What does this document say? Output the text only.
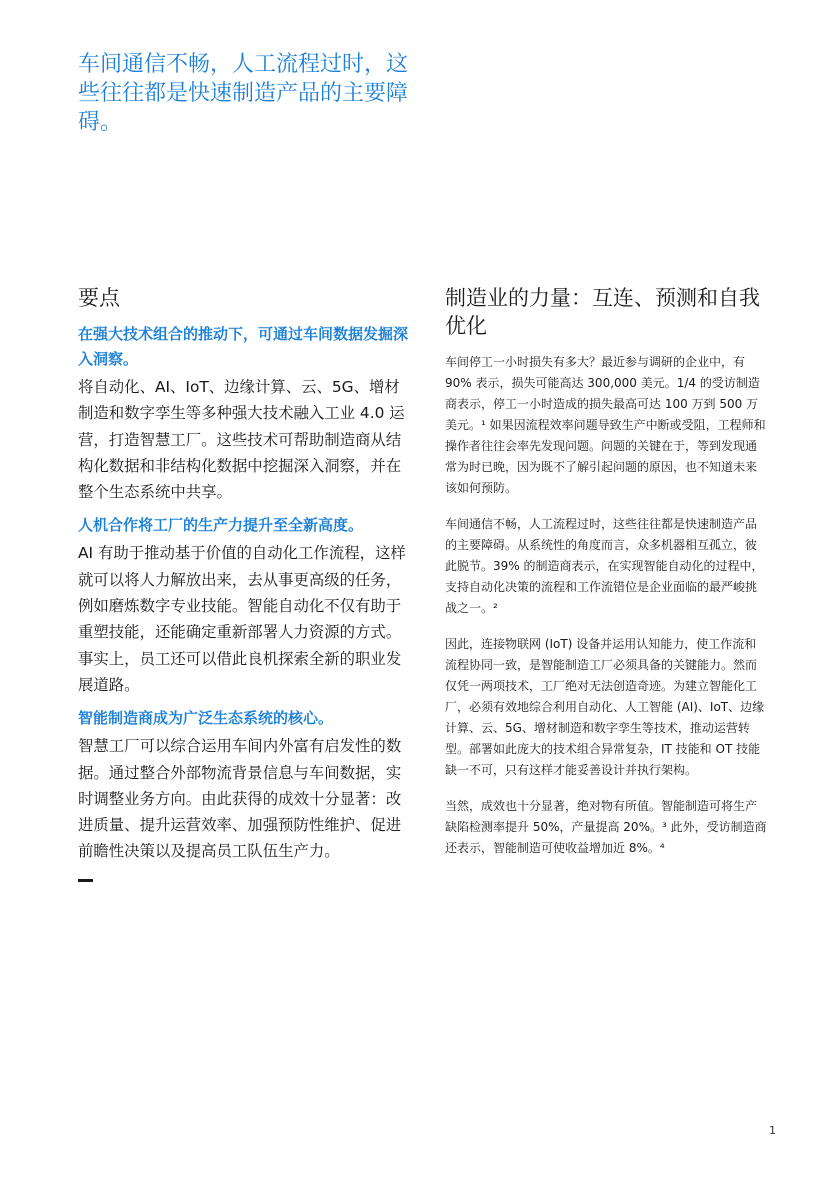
车间通信不畅，人工流程过时，这些往往都是快速制造产品的主要障碍。
要点

在强大技术组合的推动下，可通过车间数据发掘深入洞察。

将自动化、AI、IoT、边缘计算、云、5G、增材制造和数字孪生等多种强大技术融入工业 4.0 运营，打造智慧工厂。这些技术可帮助制造商从结构化数据和非结构化数据中挖掘深入洞察，并在整个生态系统中共享。

人机合作将工厂的生产力提升至全新高度。

AI 有助于推动基于价值的自动化工作流程，这样就可以将人力解放出来，去从事更高级的任务，例如磨炼数字专业技能。智能自动化不仅有助于重塑技能，还能确定重新部署人力资源的方式。事实上，员工还可以借此良机探索全新的职业发展道路。

智能制造商成为广泛生态系统的核心。

智慧工厂可以综合运用车间内外富有启发性的数据。通过整合外部物流背景信息与车间数据，实时调整业务方向。由此获得的成效十分显著：改进质量、提升运营效率、加强预防性维护、促进前瞻性决策以及提高员工队伍生产力。

制造业的力量：互连、预测和自我优化

车间停工一小时损失有多大？最近参与调研的企业中，有 90% 表示，损失可能高达 300,000 美元。1/4 的受访制造商表示，停工一小时造成的损失最高可达 100 万到 500 万美元。¹ 如果因流程效率问题导致生产中断或受阻，工程师和操作者往往会率先发现问题。问题的关键在于，等到发现通常为时已晚，因为既不了解引起问题的原因，也不知道未来该如何预防。

车间通信不畅，人工流程过时，这些往往都是快速制造产品的主要障碍。从系统性的角度而言，众多机器相互孤立，彼此脱节。39% 的制造商表示，在实现智能自动化的过程中，支持自动化决策的流程和工作流错位是企业面临的最严峻挑战之一。²

因此，连接物联网 (IoT) 设备并运用认知能力，使工作流和流程协同一致，是智能制造工厂必须具备的关键能力。然而仅凭一两项技术，工厂绝对无法创造奇迹。为建立智能化工厂，必须有效地综合利用自动化、人工智能 (AI)、IoT、边缘计算、云、5G、增材制造和数字孪生等技术，推动运营转型。部署如此庞大的技术组合异常复杂，IT 技能和 OT 技能缺一不可，只有这样才能妥善设计并执行架构。

当然，成效也十分显著，绝对物有所值。智能制造可将生产缺陷检测率提升 50%，产量提高 20%。³ 此外，受访制造商还表示，智能制造可使收益增加近 8%。⁴

1
